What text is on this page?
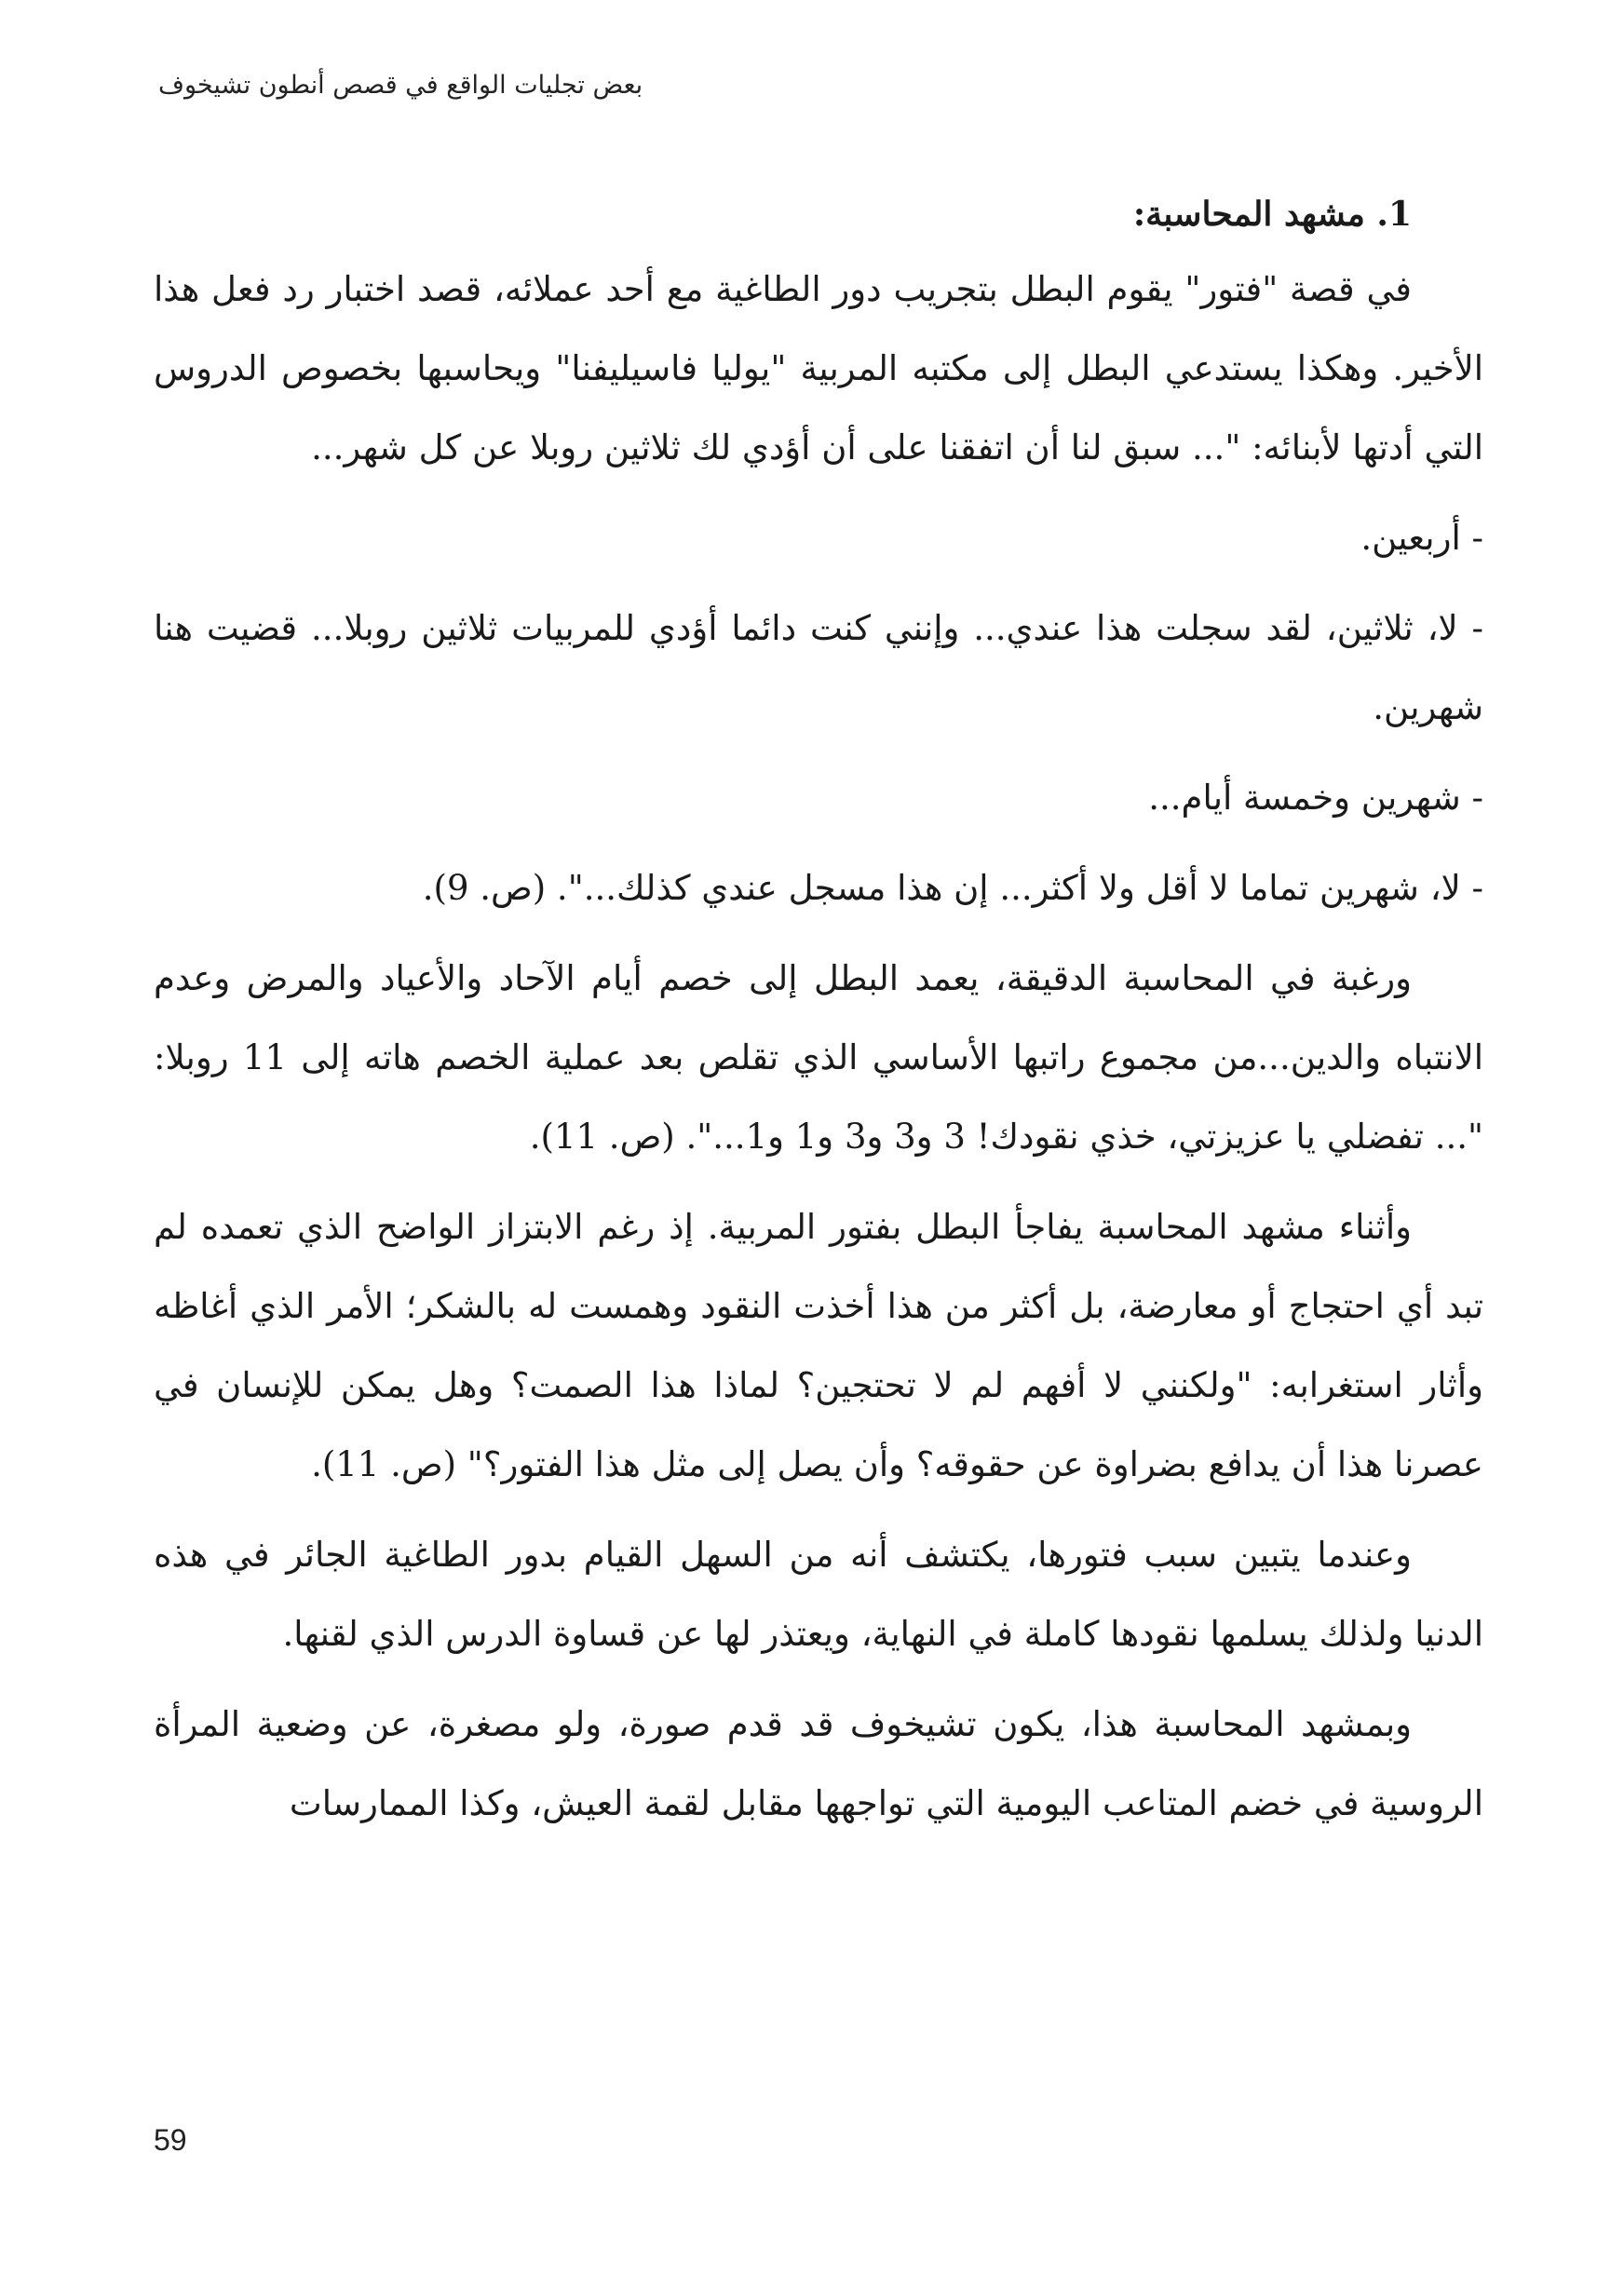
بعض تجليات الواقع في قصص أنطون تشيخوف
1. مشهد المحاسبة:

في قصة "فتور" يقوم البطل بتجريب دور الطاغية مع أحد عملائه، قصد اختبار رد فعل هذا الأخير. وهكذا يستدعي البطل إلى مكتبه المربية "يوليا فاسيليفنا" ويحاسبها بخصوص الدروس التي أدتها لأبنائه: "... سبق لنا أن اتفقنا على أن أؤدي لك ثلاثين روبلا عن كل شهر...

- أربعين.

- لا، ثلاثين، لقد سجلت هذا عندي... وإنني كنت دائما أؤدي للمربيات ثلاثين روبلا... قضيت هنا شهرين.

- شهرين وخمسة أيام...

- لا، شهرين تماما لا أقل ولا أكثر... إن هذا مسجل عندي كذلك...". (ص. 9).

ورغبة في المحاسبة الدقيقة، يعمد البطل إلى خصم أيام الآحاد والأعياد والمرض وعدم الانتباه والدين...من مجموع راتبها الأساسي الذي تقلص بعد عملية الخصم هاته إلى 11 روبلا: "... تفضلي يا عزيزتي، خذي نقودك! 3 و3 و3 و1 و1...". (ص. 11).

وأثناء مشهد المحاسبة يفاجأ البطل بفتور المربية. إذ رغم الابتزاز الواضح الذي تعمده لم تبد أي احتجاج أو معارضة، بل أكثر من هذا أخذت النقود وهمست له بالشكر؛ الأمر الذي أغاظه وأثار استغرابه: "ولكنني لا أفهم لم لا تحتجين؟ لماذا هذا الصمت؟ وهل يمكن للإنسان في عصرنا هذا أن يدافع بضراوة عن حقوقه؟ وأن يصل إلى مثل هذا الفتور؟" (ص. 11).

وعندما يتبين سبب فتورها، يكتشف أنه من السهل القيام بدور الطاغية الجائر في هذه الدنيا ولذلك يسلمها نقودها كاملة في النهاية، ويعتذر لها عن قساوة الدرس الذي لقنها.

وبمشهد المحاسبة هذا، يكون تشيخوف قد قدم صورة، ولو مصغرة، عن وضعية المرأة الروسية في خضم المتاعب اليومية التي تواجهها مقابل لقمة العيش، وكذا الممارسات

59
